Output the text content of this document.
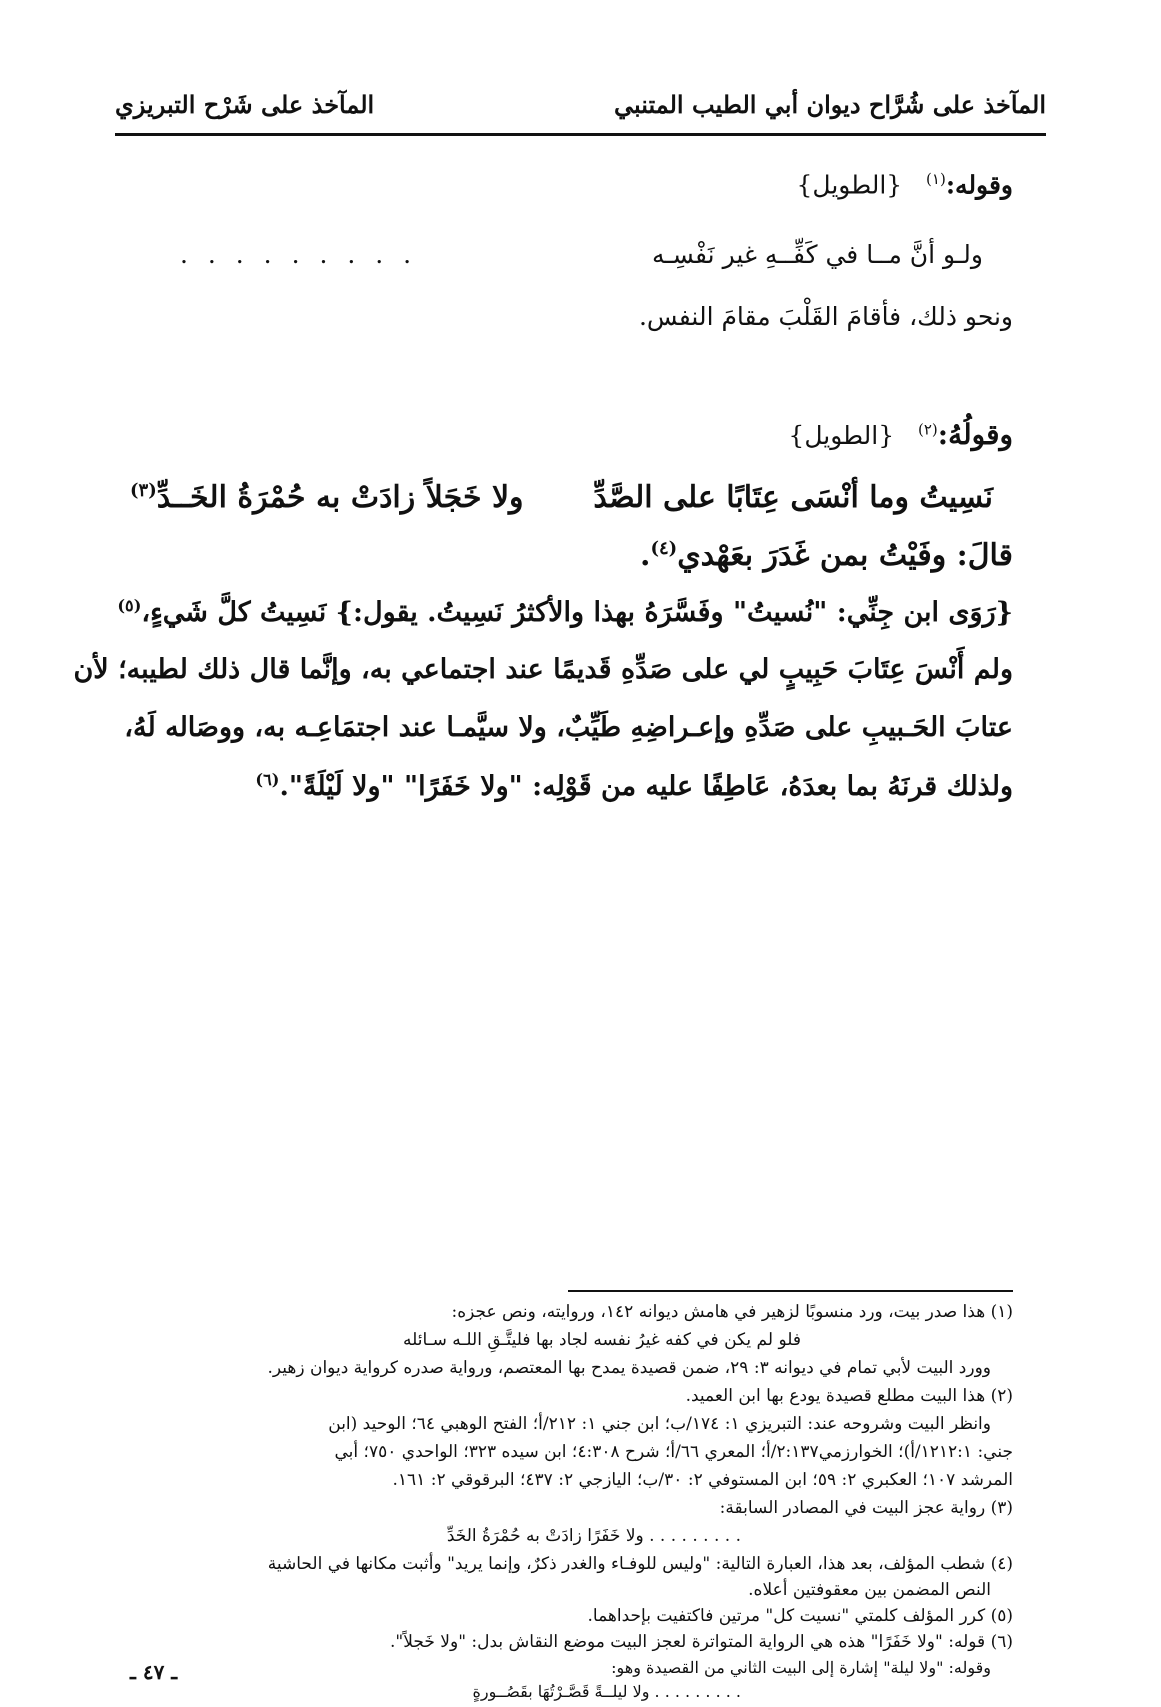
المآخذ على شُرَّاح ديوان أبي الطيب المتنبي
المآخذ على شَرْح التبريزي
وقوله:$^{(١)}$   {الطويل}
ولـو أنَّ مــا في كَفِّــهِ غير نَفْسِـه
. . . . . . . . .
ونحو ذلك، فأقامَ القَلْبَ مقامَ النفس.
وقولُهُ:$^{(٢)}$   {الطويل}
نَسِيتُ وما أنْسَى عِتَابًا على الصَّدِّ
ولا خَجَلاً زادَتْ به حُمْرَةُ الخَــدِّ$^{(٣)}$
قالَ: وفَيْتُ بمن غَدَرَ بعَهْدي$^{(٤)}$.
{رَوَى ابن جِنِّي: "نُسيتُ" وفَسَّرَهُ بهذا والأكثرُ نَسِيتُ. يقول:} نَسِيتُ كلَّ شَيءٍ،$^{(٥)}$
ولم أَنْسَ عِتَابَ حَبِيبٍ لي على صَدِّهِ قَديمًا عند اجتماعي به، وإنَّما قال ذلك لطيبه؛ لأن
عتابَ الحَـبيبِ على صَدِّهِ وإعـراضِهِ طَيِّبٌ، ولا سيَّمـا عند اجتمَاعِـه به، ووصَاله لَهُ،
ولذلك قرنَهُ بما بعدَهُ، عَاطِفًا عليه من قَوْلِه: "ولا خَفَرًا" "ولا لَيْلَةً".$^{(٦)}$
(١) هذا صدر بيت، ورد منسوبًا لزهير في هامش ديوانه ١٤٢، وروايته، ونص عجزه:
فلو لم يكن في كفه غيرُ نفسه لجاد بها فليتَّـقِ اللـه سـائله
وورد البيت لأبي تمام في ديوانه ٣: ٢٩، ضمن قصيدة يمدح بها المعتصم، ورواية صدره كرواية ديوان زهير.
(٢) هذا البيت مطلع قصيدة يودع بها ابن العميد.
وانظر البيت وشروحه عند: التبريزي ١: ١٧٤/ب؛ ابن جني ١: ٢١٢/أ؛ الفتح الوهبي ٦٤؛ الوحيد (ابن
جني: ١٢١٢:١/أ)؛ الخوارزمي٢:١٣٧/أ؛ المعري ٦٦/أ؛ شرح ٤:٣٠٨؛ ابن سيده ٣٢٣؛ الواحدي ٧٥٠؛ أبي
المرشد ١٠٧؛ العكبري ٢: ٥٩؛ ابن المستوفي ٢: ٣٠/ب؛ اليازجي ٢: ٤٣٧؛ البرقوقي ٢: ١٦١.
(٣) رواية عجز البيت في المصادر السابقة:
. . . . . . . . . ولا خَفَرًا زادَتْ به حُمْرَةُ الخَدِّ
ـ ٤٧ ـ
(٤) شطب المؤلف، بعد هذا، العبارة التالية: "وليس للوفـاء والغدر ذكرٌ، وإنما يريد" وأثبت مكانها في الحاشية
النص المضمن بين معقوفتين أعلاه.
(٥) كرر المؤلف كلمتي "نسيت كل" مرتين فاكتفيت بإحداهما.
(٦) قوله: "ولا خَفَرًا" هذه هي الرواية المتواترة لعجز البيت موضع النقاش بدل: "ولا خَجلاً".
وقوله: "ولا ليلة" إشارة إلى البيت الثاني من القصيدة وهو:
. . . . . . . . . ولا ليلــةً قَصَّـرْتُهَا بقَصُــورةٍ
